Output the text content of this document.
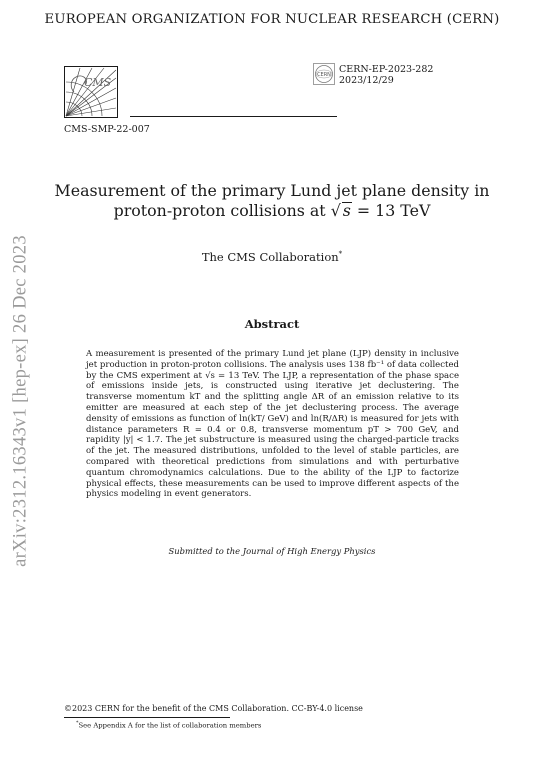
EUROPEAN ORGANIZATION FOR NUCLEAR RESEARCH (CERN)
CMS
CERN CERN-EP-2023-282
2023/12/29
CMS-SMP-22-007
Measurement of the primary Lund jet plane density in
proton-proton collisions at √ s = 13 TeV
The CMS Collaboration*
Abstract

A measurement is presented of the primary Lund jet plane (LJP) density in inclusive jet production in proton-proton collisions. The analysis uses 138 fb⁻¹ of data collected by the CMS experiment at √s = 13 TeV. The LJP, a representation of the phase space of emissions inside jets, is constructed using iterative jet declustering. The transverse momentum kT and the splitting angle ΔR of an emission relative to its emitter are measured at each step of the jet declustering process. The average density of emissions as function of ln(kT/ GeV) and ln(R/ΔR) is measured for jets with distance parameters R = 0.4 or 0.8, transverse momentum pT > 700 GeV, and rapidity |y| < 1.7. The jet substructure is measured using the charged-particle tracks of the jet. The measured distributions, unfolded to the level of stable particles, are compared with theoretical predictions from simulations and with perturbative quantum chromodynamics calculations. Due to the ability of the LJP to factorize physical effects, these measurements can be used to improve different aspects of the physics modeling in event generators.

Submitted to the Journal of High Energy Physics
arXiv:2312.16343v1 [hep-ex] 26 Dec 2023
©2023 CERN for the benefit of the CMS Collaboration. CC-BY-4.0 license
*See Appendix A for the list of collaboration members
